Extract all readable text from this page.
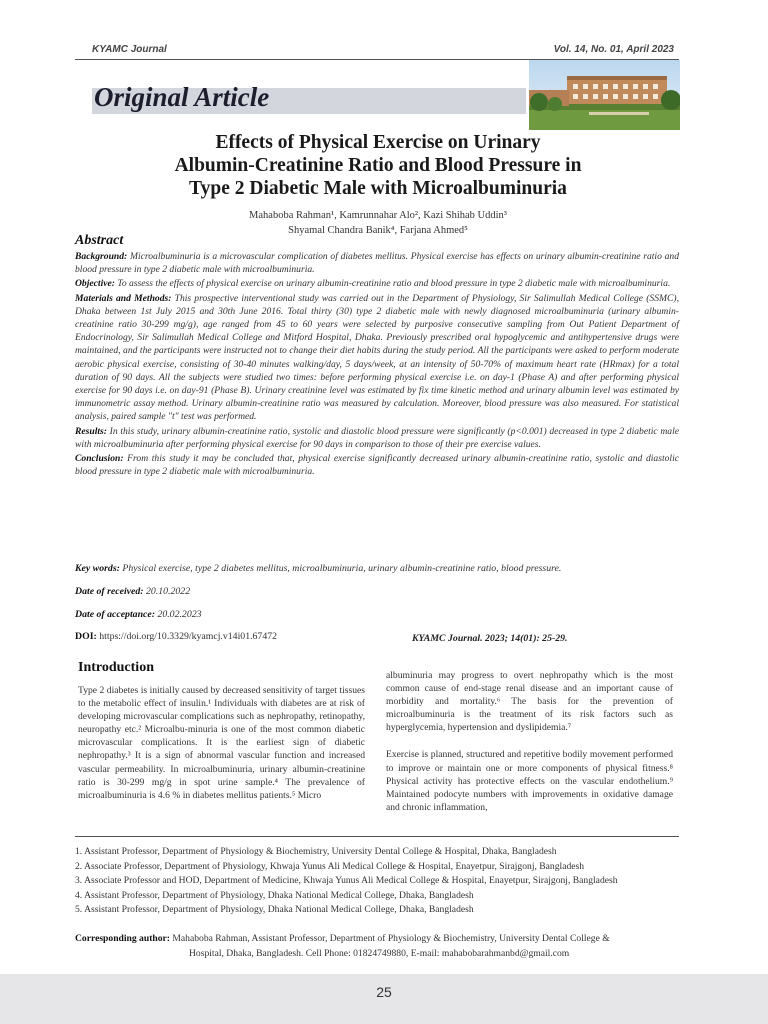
KYAMC Journal	Vol. 14, No. 01, April 2023
Original Article
Effects of Physical Exercise on Urinary
Albumin-Creatinine Ratio and Blood Pressure in
Type 2 Diabetic Male with Microalbuminuria
Mahaboba Rahman¹, Kamrunnahar Alo², Kazi Shihab Uddin³
Shyamal Chandra Banik⁴, Farjana Ahmed⁵
Abstract

Background: Microalbuminuria is a microvascular complication of diabetes mellitus. Physical exercise has effects on urinary albumin-creatinine ratio and blood pressure in type 2 diabetic male with microalbuminuria.

Objective: To assess the effects of physical exercise on urinary albumin-creatinine ratio and blood pressure in type 2 diabetic male with microalbuminuria.

Materials and Methods: This prospective interventional study was carried out in the Department of Physiology, Sir Salimullah Medical College (SSMC), Dhaka between 1st July 2015 and 30th June 2016. Total thirty (30) type 2 diabetic male with newly diagnosed microalbuminuria (urinary albumin-creatinine ratio 30-299 mg/g), age ranged from 45 to 60 years were selected by purposive consecutive sampling from Out Patient Department of Endocrinology, Sir Salimullah Medical College and Mitford Hospital, Dhaka. Previously prescribed oral hypoglycemic and antihypertensive drugs were maintained, and the participants were instructed not to change their diet habits during the study period. All the participants were asked to perform moderate aerobic physical exercise, consisting of 30-40 minutes walking/day, 5 days/week, at an intensity of 50-70% of maximum heart rate (HRmax) for a total duration of 90 days. All the subjects were studied two times: before performing physical exercise i.e. on day-1 (Phase A) and after performing physical exercise for 90 days i.e. on day-91 (Phase B). Urinary creatinine level was estimated by fix time kinetic method and urinary albumin level was estimated by immunometric assay method. Urinary albumin-creatinine ratio was measured by calculation. Moreover, blood pressure was also measured. For statistical analysis, paired sample "t" test was performed.

Results: In this study, urinary albumin-creatinine ratio, systolic and diastolic blood pressure were significantly (p<0.001) decreased in type 2 diabetic male with microalbuminuria after performing physical exercise for 90 days in comparison to those of their pre exercise values.

Conclusion: From this study it may be concluded that, physical exercise significantly decreased urinary albumin-creatinine ratio, systolic and diastolic blood pressure in type 2 diabetic male with microalbuminuria.

Key words: Physical exercise, type 2 diabetes mellitus, microalbuminuria, urinary albumin-creatinine ratio, blood pressure.
Date of received: 20.10.2022
Date of acceptance: 20.02.2023
DOI: https://doi.org/10.3329/kyamcj.v14i01.67472	KYAMC Journal. 2023; 14(01): 25-29.
Introduction

Type 2 diabetes is initially caused by decreased sensitivity of target tissues to the metabolic effect of insulin.¹ Individuals with diabetes are at risk of developing microvascular complications such as nephropathy, retinopathy, neuropathy etc.² Microalbu-minuria is one of the most common diabetic microvascular complications. It is the earliest sign of diabetic nephropathy.³ It is a sign of abnormal vascular function and increased vascular permeability. In microalbuminuria, urinary albumin-creatinine ratio is 30-299 mg/g in spot urine sample.⁴ The prevalence of microalbuminuria is 4.6 % in diabetes mellitus patients.⁵ Micro

albuminuria may progress to overt nephropathy which is the most common cause of end-stage renal disease and an important cause of morbidity and mortality.⁶ The basis for the prevention of microalbuminuria is the treatment of its risk factors such as hyperglycemia, hypertension and dyslipidemia.⁷

Exercise is planned, structured and repetitive bodily movement performed to improve or maintain one or more components of physical fitness.⁸ Physical activity has protective effects on the vascular endothelium.⁹ Maintained podocyte numbers with improvements in oxidative damage and chronic inflammation,

1. Assistant Professor, Department of Physiology & Biochemistry, University Dental College & Hospital, Dhaka, Bangladesh
2. Associate Professor, Department of Physiology, Khwaja Yunus Ali Medical College & Hospital, Enayetpur, Sirajgonj, Bangladesh
3. Associate Professor and HOD, Department of Medicine, Khwaja Yunus Ali Medical College & Hospital, Enayetpur, Sirajgonj, Bangladesh
4. Assistant Professor, Department of Physiology, Dhaka National Medical College, Dhaka, Bangladesh
5. Assistant Professor, Department of Physiology, Dhaka National Medical College, Dhaka, Bangladesh
Corresponding author: Mahaboba Rahman, Assistant Professor, Department of Physiology & Biochemistry, University Dental College &
Hospital, Dhaka, Bangladesh. Cell Phone: 01824749880, E-mail: mahabobarahmanbd@gmail.com
25
